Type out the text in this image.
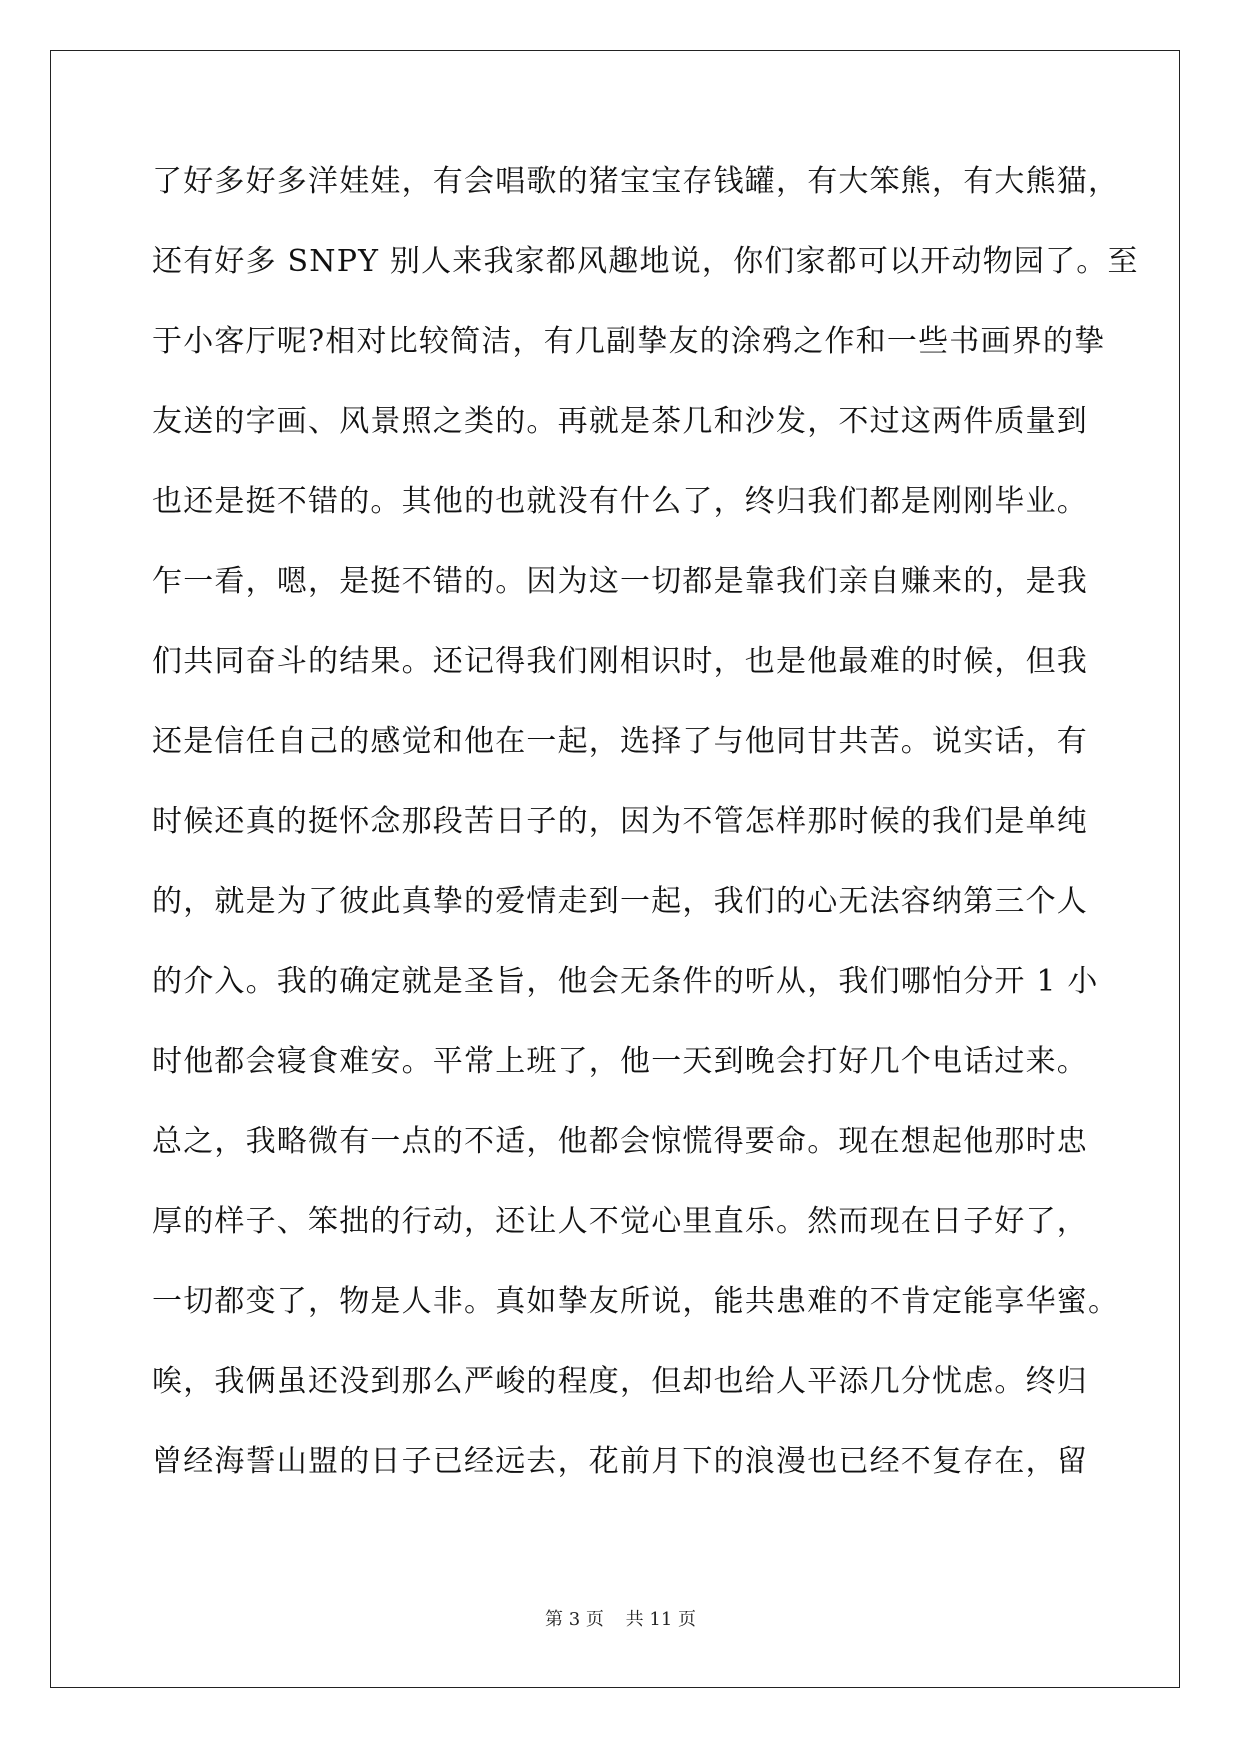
了好多好多洋娃娃，有会唱歌的猪宝宝存钱罐，有大笨熊，有大熊猫，
还有好多 SNPY 别人来我家都风趣地说，你们家都可以开动物园了。至
于小客厅呢?相对比较简洁，有几副挚友的涂鸦之作和一些书画界的挚
友送的字画、风景照之类的。再就是茶几和沙发，不过这两件质量到
也还是挺不错的。其他的也就没有什么了，终归我们都是刚刚毕业。
乍一看，嗯，是挺不错的。因为这一切都是靠我们亲自赚来的，是我
们共同奋斗的结果。还记得我们刚相识时，也是他最难的时候，但我
还是信任自己的感觉和他在一起，选择了与他同甘共苦。说实话，有
时候还真的挺怀念那段苦日子的，因为不管怎样那时候的我们是单纯
的，就是为了彼此真挚的爱情走到一起，我们的心无法容纳第三个人
的介入。我的确定就是圣旨，他会无条件的听从，我们哪怕分开 1 小
时他都会寝食难安。平常上班了，他一天到晚会打好几个电话过来。
总之，我略微有一点的不适，他都会惊慌得要命。现在想起他那时忠
厚的样子、笨拙的行动，还让人不觉心里直乐。然而现在日子好了，
一切都变了，物是人非。真如挚友所说，能共患难的不肯定能享华蜜。
唉，我俩虽还没到那么严峻的程度，但却也给人平添几分忧虑。终归
曾经海誓山盟的日子已经远去，花前月下的浪漫也已经不复存在，留
第 3 页 共 11 页
